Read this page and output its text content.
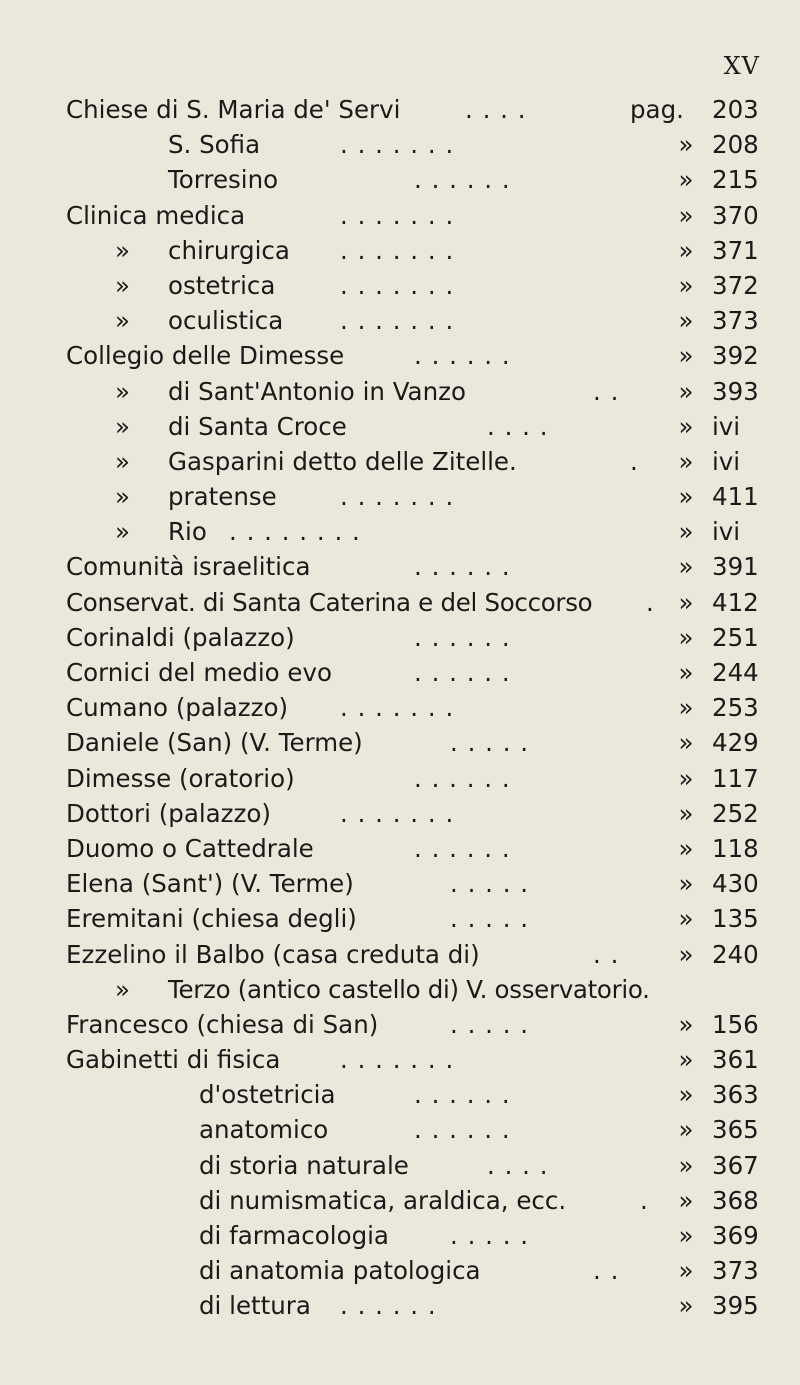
XV
Chiese di S. Maria de' Servi	. . . .	pag. 203
S. Sofia	. . . . . . .	» 208
Torresino	. . . . . .	» 215
Clinica medica	. . . . . . .	» 370
» chirurgica . . . . . . .	» 371
» ostetrica	. . . . . . .	» 372
» oculistica . . . . . . .	» 373
Collegio delle Dimesse	. . . . . .	» 392
» di Sant'Antonio in Vanzo	. .	» 393
» di Santa Croce	. . . .	» ivi
» Gasparini detto delle Zitelle.	.	» ivi
» pratense	. . . . . . .	» 411
» Rio . . . . . . . .	» ivi
Comunità israelitica	. . . . . .	» 391
Conservat. di Santa Caterina e del Soccorso . » 412
Corinaldi (palazzo)	. . . . . .	» 251
Cornici del medio evo	. . . . . .	» 244
Cumano (palazzo) . . . . . . .	» 253
Daniele (San) (V. Terme)	. . . . .	» 429
Dimesse (oratorio)	. . . . . .	» 117
Dottori (palazzo)	. . . . . . .	» 252
Duomo o Cattedrale	. . . . . .	» 118
Elena (Sant') (V. Terme)	. . . . .	» 430
Eremitani (chiesa degli)	. . . . .	» 135
Ezzelino il Balbo (casa creduta di)	. .	» 240
» Terzo (antico castello di) V. osservatorio.
Francesco (chiesa di San)	. . . . .	» 156
Gabinetti di fisica . . . . . . .	» 361
d'ostetricia	. . . . . .	» 363
anatomico	. . . . . .	» 365
di storia naturale	. . . .	» 367
di numismatica, araldica, ecc.	.	» 368
di farmacologia . . . . .	» 369
di anatomia patologica	. .	» 373
di lettura . . . . . .	» 395
